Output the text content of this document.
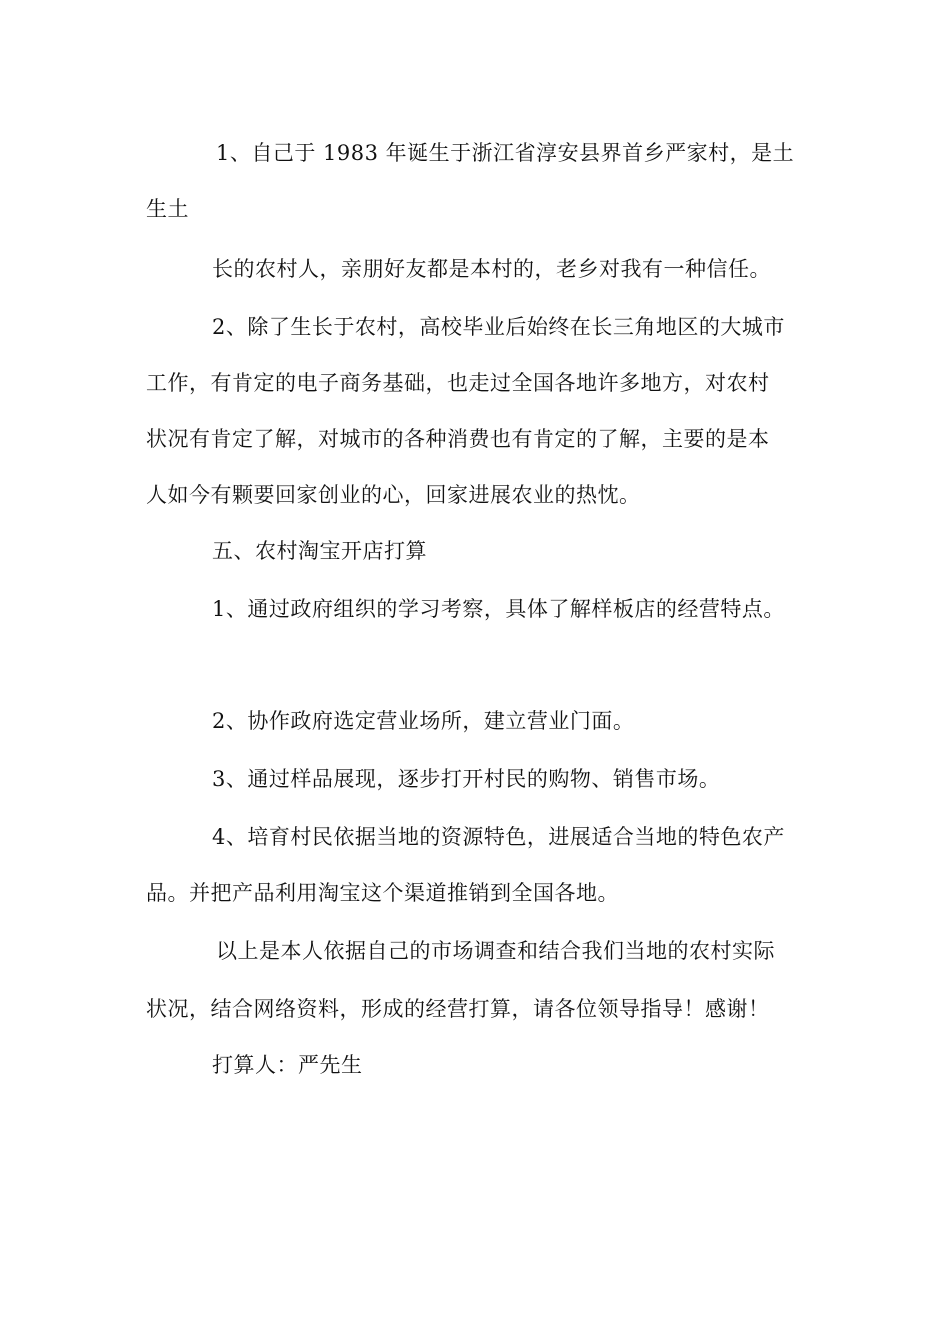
1、自己于 1983 年诞生于浙江省淳安县界首乡严家村，是土
生土
长的农村人，亲朋好友都是本村的，老乡对我有一种信任。
2、除了生长于农村，高校毕业后始终在长三角地区的大城市
工作，有肯定的电子商务基础，也走过全国各地许多地方，对农村
状况有肯定了解，对城市的各种消费也有肯定的了解，主要的是本
人如今有颗要回家创业的心，回家进展农业的热忱。
五、农村淘宝开店打算
1、通过政府组织的学习考察，具体了解样板店的经营特点。
2、协作政府选定营业场所，建立营业门面。
3、通过样品展现，逐步打开村民的购物、销售市场。
4、培育村民依据当地的资源特色，进展适合当地的特色农产
品。并把产品利用淘宝这个渠道推销到全国各地。
以上是本人依据自己的市场调查和结合我们当地的农村实际
状况，结合网络资料，形成的经营打算，请各位领导指导！感谢！
打算人：严先生
